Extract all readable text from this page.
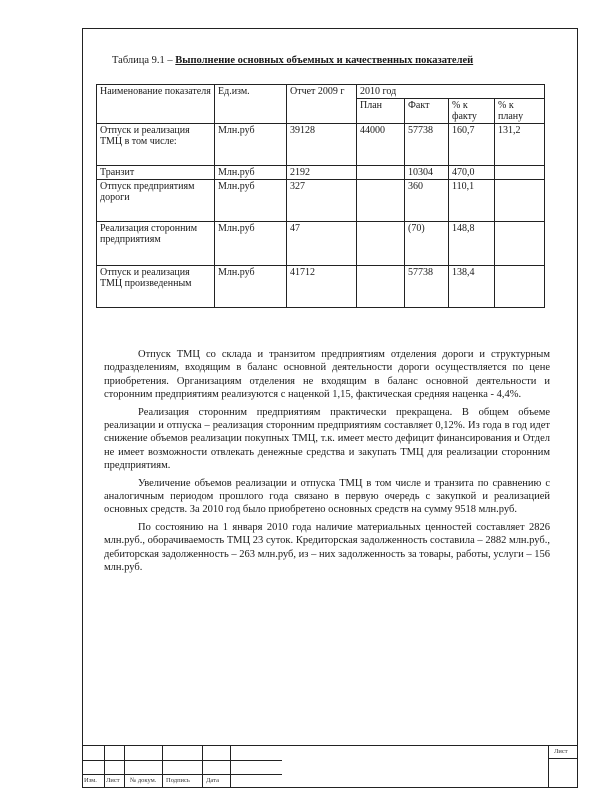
Таблица 9.1 – Выполнение основных объемных и качественных показателей
Наименование показателя	Ед.изм.	Отчет 2009 г	2010 год			
			План	Факт	% к факту	% к плану
Отпуск и реализация ТМЦ в том числе:	Млн.руб	39128	44000	57738	160,7	131,2
Транзит	Млн.руб	2192		10304	470,0	
Отпуск предприятиям дороги	Млн.руб	327		360	110,1	
Реализация сторонним предприятиям	Млн.руб	47		(70)	148,8	
Отпуск и реализация ТМЦ произведенным	Млн.руб	41712		57738	138,4	

Отпуск ТМЦ со склада и транзитом предприятиям отделения дороги и структурным подразделениям, входящим в баланс основной деятельности дороги осуществляется по цене приобретения. Организациям отделения не входящим в баланс основной деятельности и сторонним предприятиям реализуются с наценкой 1,15, фактическая средняя наценка - 4,4%.

Реализация сторонним предприятиям практически прекращена. В общем объеме реализации и отпуска – реализация сторонним предприятиям составляет 0,12%. Из года в год идет снижение объемов реализации покупных ТМЦ, т.к. имеет место дефицит финансирования и Отдел не имеет возможности отвлекать денежные средства и закупать ТМЦ для реализации сторонним предприятиям.

Увеличение объемов реализации и отпуска ТМЦ в том числе и транзита по сравнению с аналогичным периодом прошлого года связано в первую очередь с закупкой и реализацией основных средств. За 2010 год было приобретено основных средств на сумму 9518 млн.руб.

По состоянию на 1 января 2010 года наличие материальных ценностей составляет 2826 млн.руб., оборачиваемость ТМЦ 23 суток. Кредиторская задолженность составила – 2882 млн.руб., дебиторская задолженность – 263 млн.руб, из – них задолженность за товары, работы, услуги – 156 млн.руб.

Изм. Лист № докум. Подпись Дата
Лист
